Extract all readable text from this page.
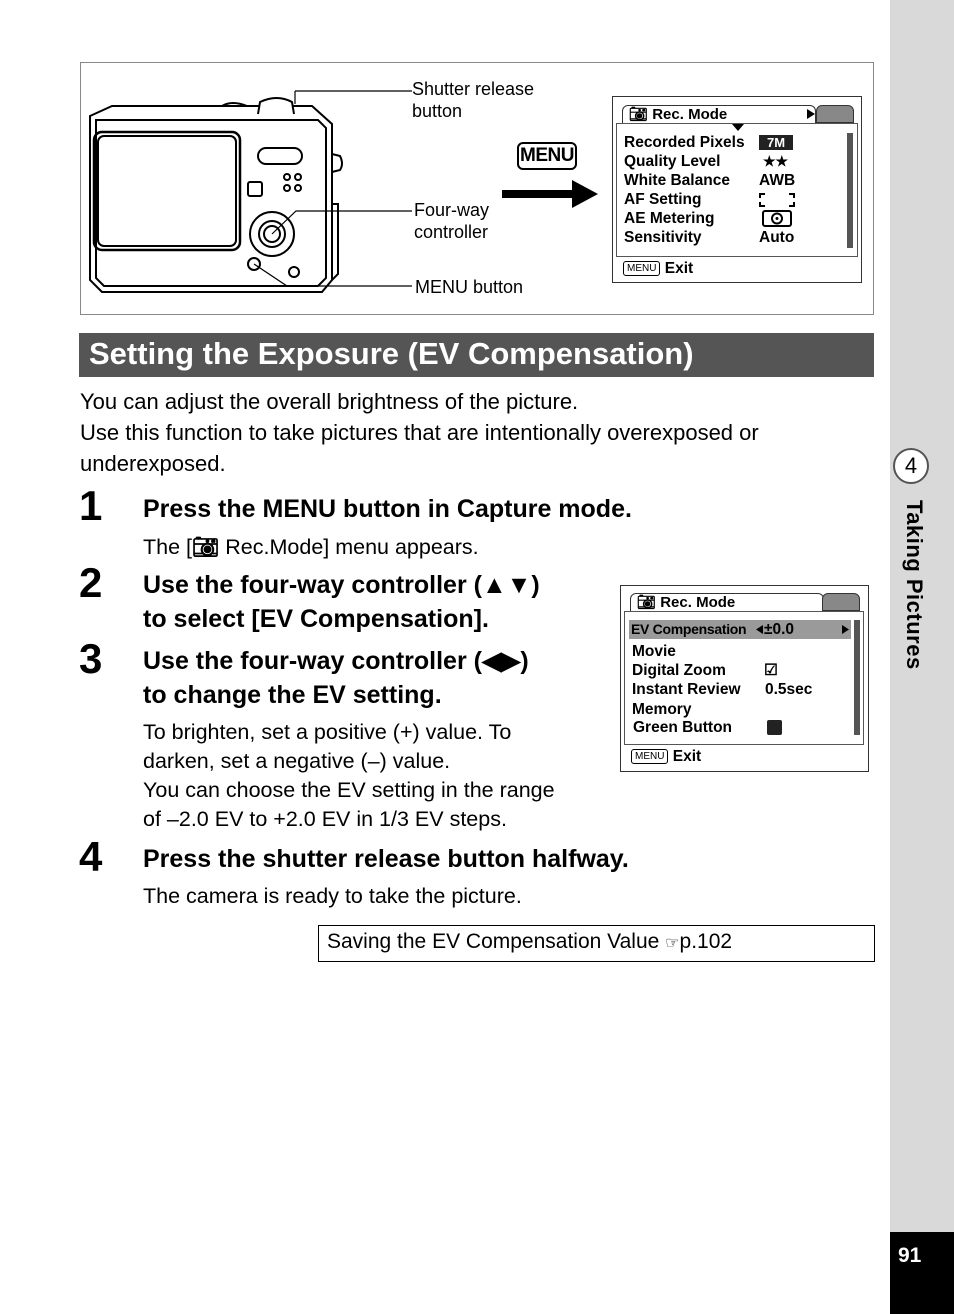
4
Taking Pictures
91
Shutter release
button
Four-way
controller
MENU button
MENU
📷︎ Rec. Mode
Recorded Pixels	7M
Quality Level	★★
White Balance AWB
AF Setting
AE Metering
Sensitivity	Auto
MENU Exit
Setting the Exposure (EV Compensation)
You can adjust the overall brightness of the picture.
Use this function to take pictures that are intentionally overexposed or
underexposed.
1 Press the MENU button in Capture mode.
The [📷︎ Rec.Mode] menu appears.
2 Use the four-way controller (▲▼)
to select [EV Compensation].
3 Use the four-way controller (◀▶)
to change the EV setting.
To brighten, set a positive (+) value. To
darken, set a negative (–) value.
You can choose the EV setting in the range
of –2.0 EV to +2.0 EV in 1/3 EV steps.
📷︎ Rec. Mode
EV Compensation ±0.0
Movie
Digital Zoom ☑
Instant Review 0.5sec
Memory
Green Button
MENU Exit
4 Press the shutter release button halfway.
The camera is ready to take the picture.
Saving the EV Compensation Value ☞p.102
